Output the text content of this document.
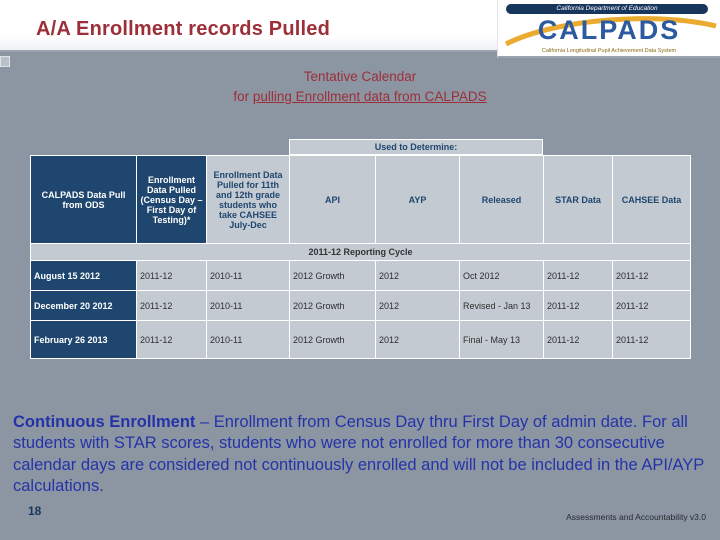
A/A Enrollment records Pulled
California Department of Education
CALPADS
California Longitudinal Pupil Achievement Data System
Tentative Calendar
for pulling Enrollment data from CALPADS
Used to Determine:
CALPADS Data Pull from ODS	Enrollment Data Pulled (Census Day – First Day of Testing)*	Enrollment Data Pulled for 11th and 12th grade students who take CAHSEE July-Dec	API	AYP	Released	STAR Data	CAHSEE Data
2011-12 Reporting Cycle							
August 15 2012	2011-12	2010-11	2012 Growth	2012	Oct 2012	2011-12	2011-12
December 20 2012	2011-12	2010-11	2012 Growth	2012	Revised - Jan 13	2011-12	2011-12
February 26 2013	2011-12	2010-11	2012 Growth	2012	Final - May 13	2011-12	2011-12
Continuous Enrollment – Enrollment from Census Day thru First Day of admin date. For all students with STAR scores, students who were not enrolled for more than 30 consecutive calendar days are considered not continuously enrolled and will not be included in the API/AYP calculations.
18	Assessments and Accountability v3.0
